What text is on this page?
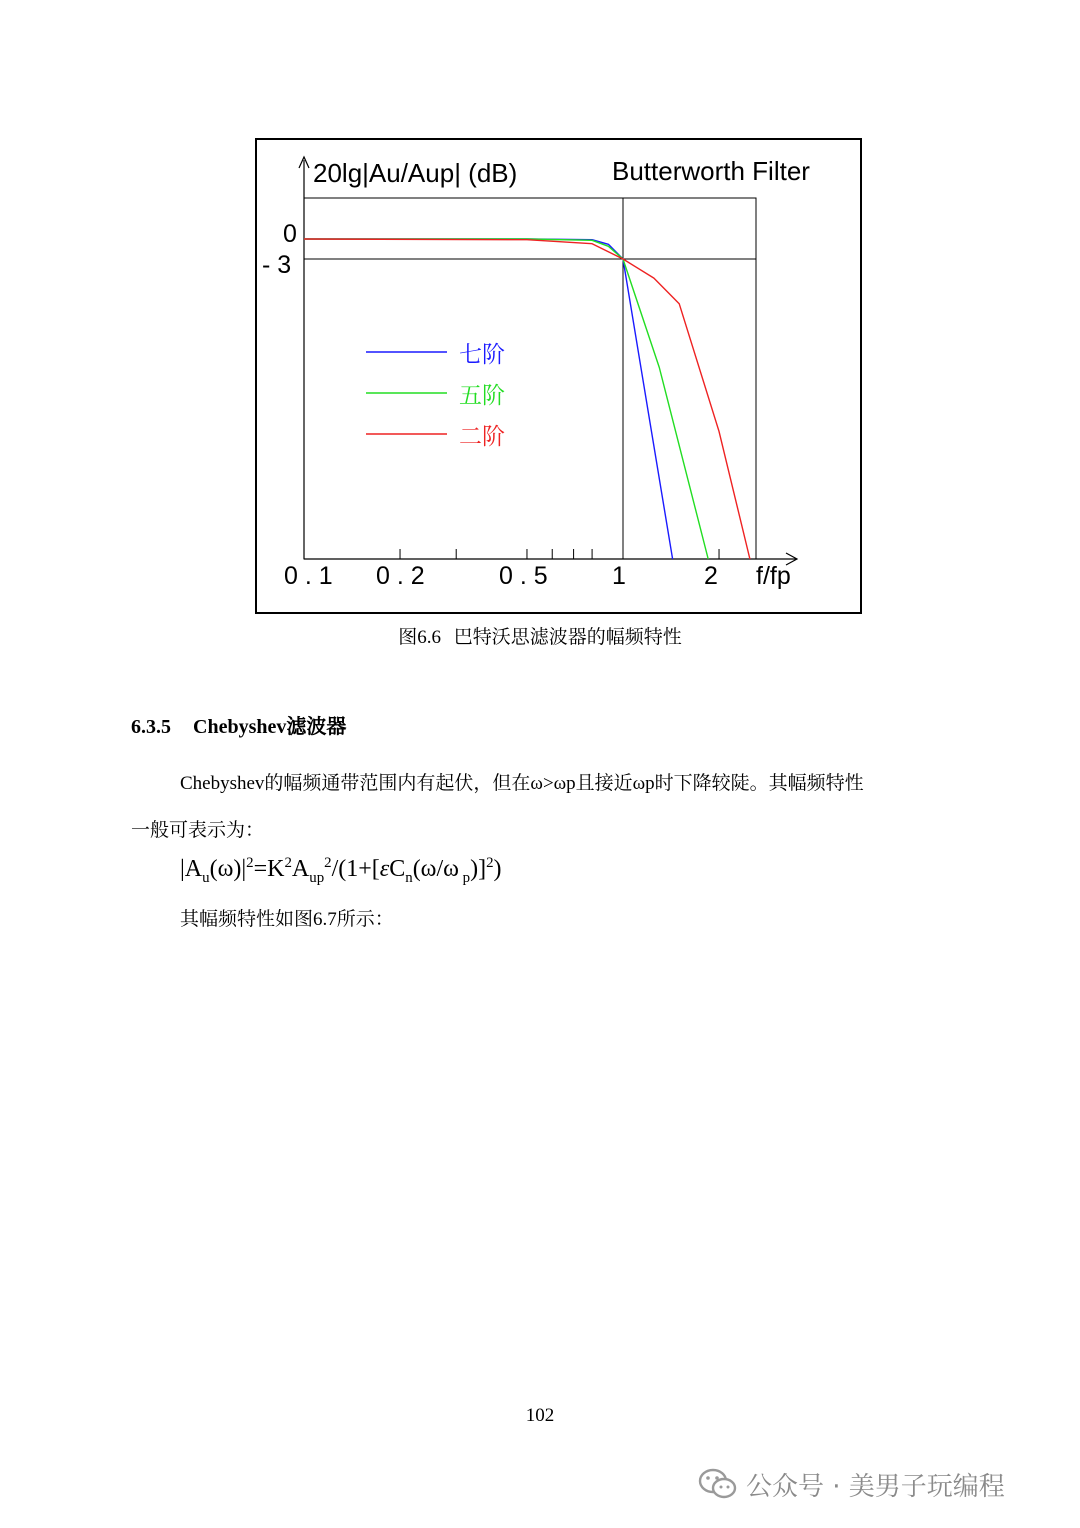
七阶
五阶
二阶
20lg|Au/Aup| (dB)	Butterworth Filter
0
- 3
0 . 1 0 . 2	0 . 5	1	2 f/fp
图6.6 巴特沃思滤波器的幅频特性
6.3.5 Chebyshev滤波器
Chebyshev的幅频通带范围内有起伏，但在ω>ωp且接近ωp时下降较陡。其幅频特性
一般可表示为：
$|A_u(\omega)|^2=K^2A_{up}^2/(1+[\varepsilon C_n(\omega/\omega$ $_p$)]$^2$)
其幅频特性如图6.7所示：
102
公众号 · 美男子玩编程
